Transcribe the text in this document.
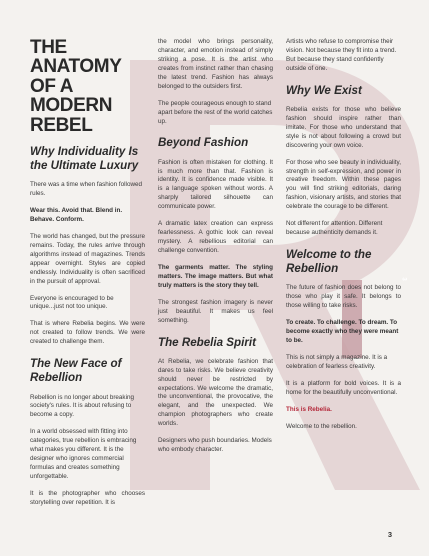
3
THE ANATOMY
OF A MODERN
REBEL
Why Individuality Is the Ultimate Luxury

There was a time when fashion followed rules.

Wear this. Avoid that. Blend in. Behave. Conform.

The world has changed, but the pressure remains. Today, the rules arrive through algorithms instead of magazines. Trends appear overnight. Styles are copied endlessly. Individuality is often sacrificed in the pursuit of approval.

Everyone is encouraged to be unique...just not too unique.

That is where Rebelia begins. We were not created to follow trends. We were created to challenge them.

The New Face of Rebellion

Rebellion is no longer about breaking society's rules. It is about refusing to become a copy.

In a world obsessed with fitting into categories, true rebellion is embracing what makes you different. It is the designer who ignores commercial formulas and creates something unforgettable.

It is the photographer who chooses storytelling over repetition. It is

the model who brings personality, character, and emotion instead of simply striking a pose. It is the artist who creates from instinct rather than chasing the latest trend. Fashion has always belonged to the outsiders first.

The people courageous enough to stand apart before the rest of the world catches up.

Beyond Fashion

Fashion is often mistaken for clothing. It is much more than that. Fashion is identity. It is confidence made visible. It is a language spoken without words. A sharply tailored silhouette can communicate power.

A dramatic latex creation can express fearlessness. A gothic look can reveal mystery. A rebellious editorial can challenge convention.

The garments matter. The styling matters. The image matters. But what truly matters is the story they tell.

The strongest fashion imagery is never just beautiful. It makes us feel something.

The Rebelia Spirit

At Rebelia, we celebrate fashion that dares to take risks. We believe creativity should never be restricted by expectations. We welcome the dramatic, the unconventional, the provocative, the elegant, and the unexpected. We champion photographers who create worlds.

Designers who push boundaries. Models who embody character.

Artists who refuse to compromise their vision. Not because they fit into a trend. But because they stand confidently outside of one.

Why We Exist

Rebelia exists for those who believe fashion should inspire rather than imitate. For those who understand that style is not about following a crowd but discovering your own voice.

For those who see beauty in individuality, strength in self-expression, and power in creative freedom. Within these pages you will find striking editorials, daring fashion, visionary artists, and stories that celebrate the courage to be different.

Not different for attention. Different because authenticity demands it.

Welcome to the Rebellion

The future of fashion does not belong to those who play it safe. It belongs to those willing to take risks.

To create. To challenge. To dream. To become exactly who they were meant to be.

This is not simply a magazine. It is a celebration of fearless creativity.

It is a platform for bold voices. It is a home for the beautifully unconventional.

This is Rebelia.

Welcome to the rebellion.

3
